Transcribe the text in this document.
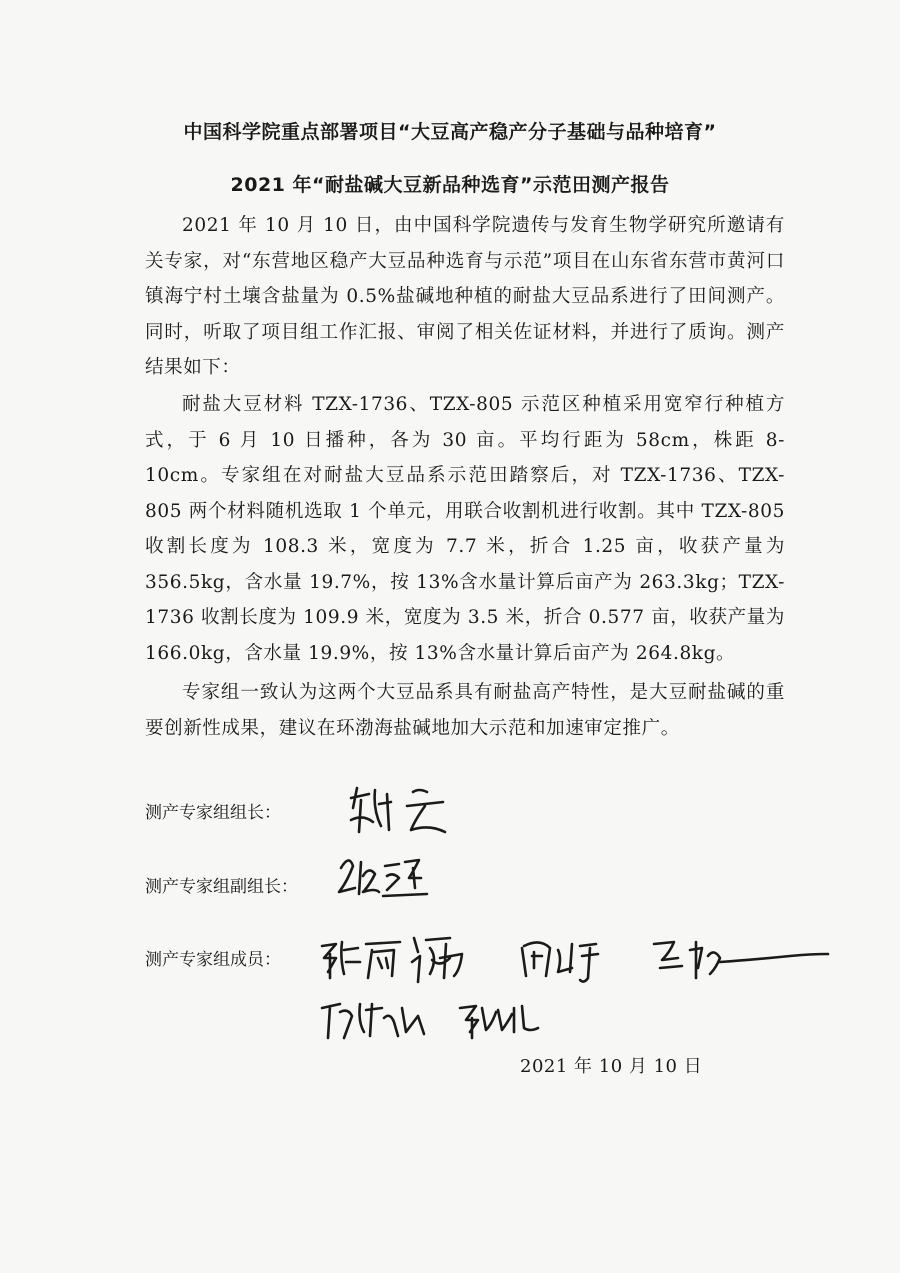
中国科学院重点部署项目“大豆高产稳产分子基础与品种培育”
2021 年“耐盐碱大豆新品种选育”示范田测产报告

2021 年 10 月 10 日，由中国科学院遗传与发育生物学研究所邀请有关专家，对“东营地区稳产大豆品种选育与示范”项目在山东省东营市黄河口镇海宁村土壤含盐量为 0.5%盐碱地种植的耐盐大豆品系进行了田间测产。同时，听取了项目组工作汇报、审阅了相关佐证材料，并进行了质询。测产结果如下：

耐盐大豆材料 TZX-1736、TZX-805 示范区种植采用宽窄行种植方式，于 6 月 10 日播种，各为 30 亩。平均行距为 58cm，株距 8-10cm。专家组在对耐盐大豆品系示范田踏察后，对 TZX-1736、TZX-805 两个材料随机选取 1 个单元，用联合收割机进行收割。其中 TZX-805 收割长度为 108.3 米，宽度为 7.7 米，折合 1.25 亩，收获产量为 356.5kg，含水量 19.7%，按 13%含水量计算后亩产为 263.3kg；TZX-1736 收割长度为 109.9 米，宽度为 3.5 米，折合 0.577 亩，收获产量为 166.0kg，含水量 19.9%，按 13%含水量计算后亩产为 264.8kg。

专家组一致认为这两个大豆品系具有耐盐高产特性，是大豆耐盐碱的重要创新性成果，建议在环渤海盐碱地加大示范和加速审定推广。

测产专家组组长：
测产专家组副组长：
测产专家组成员：
2021 年 10 月 10 日
